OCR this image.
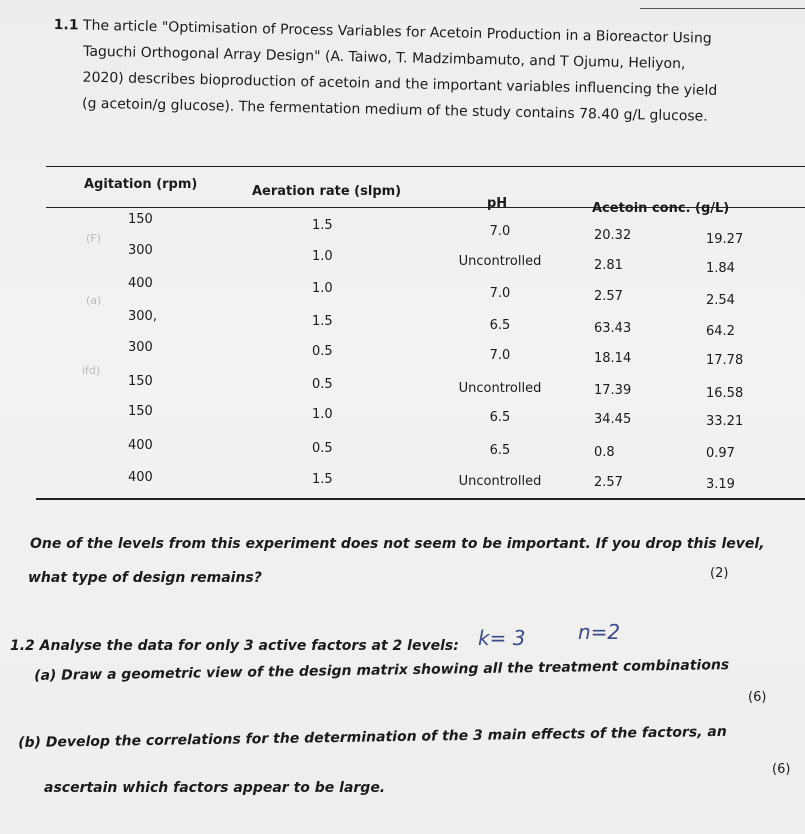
1.1 The article "Optimisation of Process Variables for Acetoin Production in a Bioreactor Using

Taguchi Orthogonal Array Design" (A. Taiwo, T. Madzimbamuto, and T Ojumu, Heliyon,

2020) describes bioproduction of acetoin and the important variables influencing the yield

(g acetoin/g glucose). The fermentation medium of the study contains 78.40 g/L glucose.

Agitation (rpm)	Aeration rate (slpm)
pH	Acetoin conc. (g/L)
150	1.5	7.0	20.32	19.27
300	1.0	Uncontrolled	2.81	1.84
400	1.0	7.0	2.57	2.54
300,	1.5	6.5	63.43	64.2
300	0.5	7.0	18.14	17.78
150	0.5	Uncontrolled	17.39	16.58
150	1.0	6.5	34.45	33.21
400	0.5	6.5	0.8	0.97
400	1.5	Uncontrolled	2.57	3.19
(F)
(a)
ifd)
One of the levels from this experiment does not seem to be important. If you drop this level,
what type of design remains?	(2)
1.2 Analyse the data for only 3 active factors at 2 levels: k= 3	n=2
(a) Draw a geometric view of the design matrix showing all the treatment combinations
(6)
(b) Develop the correlations for the determination of the 3 main effects of the factors, an
(6)
ascertain which factors appear to be large.
